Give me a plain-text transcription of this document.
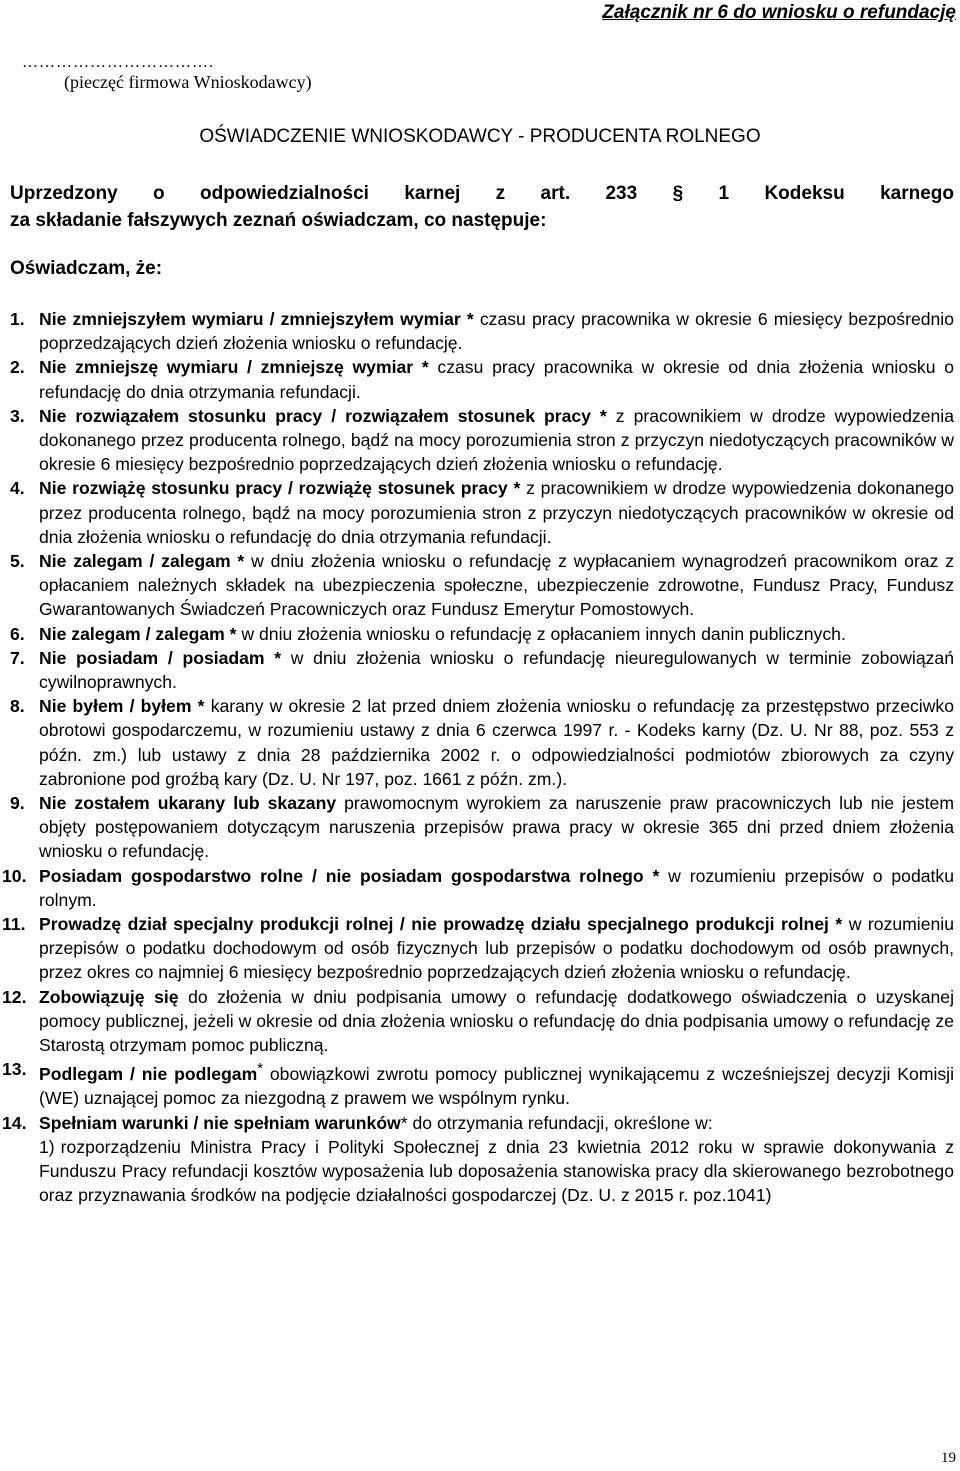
Załącznik nr 6 do wniosku o refundację
…………………………….
(pieczęć firmowa Wnioskodawcy)
OŚWIADCZENIE WNIOSKODAWCY - PRODUCENTA ROLNEGO
Uprzedzony o odpowiedzialności karnej z art. 233 § 1 Kodeksu karnego
za składanie fałszywych zeznań oświadczam, co następuje:
Oświadczam, że:
1. Nie zmniejszyłem wymiaru / zmniejszyłem wymiar * czasu pracy pracownika w okresie 6 miesięcy bezpośrednio poprzedzających dzień złożenia wniosku o refundację.
2. Nie zmniejszę wymiaru / zmniejszę wymiar * czasu pracy pracownika w okresie od dnia złożenia wniosku o refundację do dnia otrzymania refundacji.
3. Nie rozwiązałem stosunku pracy / rozwiązałem stosunek pracy * z pracownikiem w drodze wypowiedzenia dokonanego przez producenta rolnego, bądź na mocy porozumienia stron z przyczyn niedotyczących pracowników w okresie 6 miesięcy bezpośrednio poprzedzających dzień złożenia wniosku o refundację.
4. Nie rozwiążę stosunku pracy / rozwiążę stosunek pracy * z pracownikiem w drodze wypowiedzenia dokonanego przez producenta rolnego, bądź na mocy porozumienia stron z przyczyn niedotyczących pracowników w okresie od dnia złożenia wniosku o refundację do dnia otrzymania refundacji.
5. Nie zalegam / zalegam * w dniu złożenia wniosku o refundację z wypłacaniem wynagrodzeń pracownikom oraz z opłacaniem należnych składek na ubezpieczenia społeczne, ubezpieczenie zdrowotne, Fundusz Pracy, Fundusz Gwarantowanych Świadczeń Pracowniczych oraz Fundusz Emerytur Pomostowych.
6. Nie zalegam / zalegam * w dniu złożenia wniosku o refundację z opłacaniem innych danin publicznych.
7. Nie posiadam / posiadam * w dniu złożenia wniosku o refundację nieuregulowanych w terminie zobowiązań cywilnoprawnych.
8. Nie byłem / byłem * karany w okresie 2 lat przed dniem złożenia wniosku o refundację za przestępstwo przeciwko obrotowi gospodarczemu, w rozumieniu ustawy z dnia 6 czerwca 1997 r. - Kodeks karny (Dz. U. Nr 88, poz. 553 z późn. zm.) lub ustawy z dnia 28 października 2002 r. o odpowiedzialności podmiotów zbiorowych za czyny zabronione pod groźbą kary (Dz. U. Nr 197, poz. 1661 z późn. zm.).
9. Nie zostałem ukarany lub skazany prawomocnym wyrokiem za naruszenie praw pracowniczych lub nie jestem objęty postępowaniem dotyczącym naruszenia przepisów prawa pracy w okresie 365 dni przed dniem złożenia wniosku o refundację.
10. Posiadam gospodarstwo rolne / nie posiadam gospodarstwa rolnego * w rozumieniu przepisów o podatku rolnym.
11. Prowadzę dział specjalny produkcji rolnej / nie prowadzę działu specjalnego produkcji rolnej * w rozumieniu przepisów o podatku dochodowym od osób fizycznych lub przepisów o podatku dochodowym od osób prawnych, przez okres co najmniej 6 miesięcy bezpośrednio poprzedzających dzień złożenia wniosku o refundację.
12. Zobowiązuję się do złożenia w dniu podpisania umowy o refundację dodatkowego oświadczenia o uzyskanej pomocy publicznej, jeżeli w okresie od dnia złożenia wniosku o refundację do dnia podpisania umowy o refundację ze Starostą otrzymam pomoc publiczną.
13. Podlegam / nie podlegam* obowiązkowi zwrotu pomocy publicznej wynikającemu z wcześniejszej decyzji Komisji (WE) uznającej pomoc za niezgodną z prawem we wspólnym rynku.
14. Spełniam warunki / nie spełniam warunków* do otrzymania refundacji, określone w:
1) rozporządzeniu Ministra Pracy i Polityki Społecznej z dnia 23 kwietnia 2012 roku w sprawie dokonywania z Funduszu Pracy refundacji kosztów wyposażenia lub doposażenia stanowiska pracy dla skierowanego bezrobotnego oraz przyznawania środków na podjęcie działalności gospodarczej (Dz. U. z 2015 r. poz.1041)
19
